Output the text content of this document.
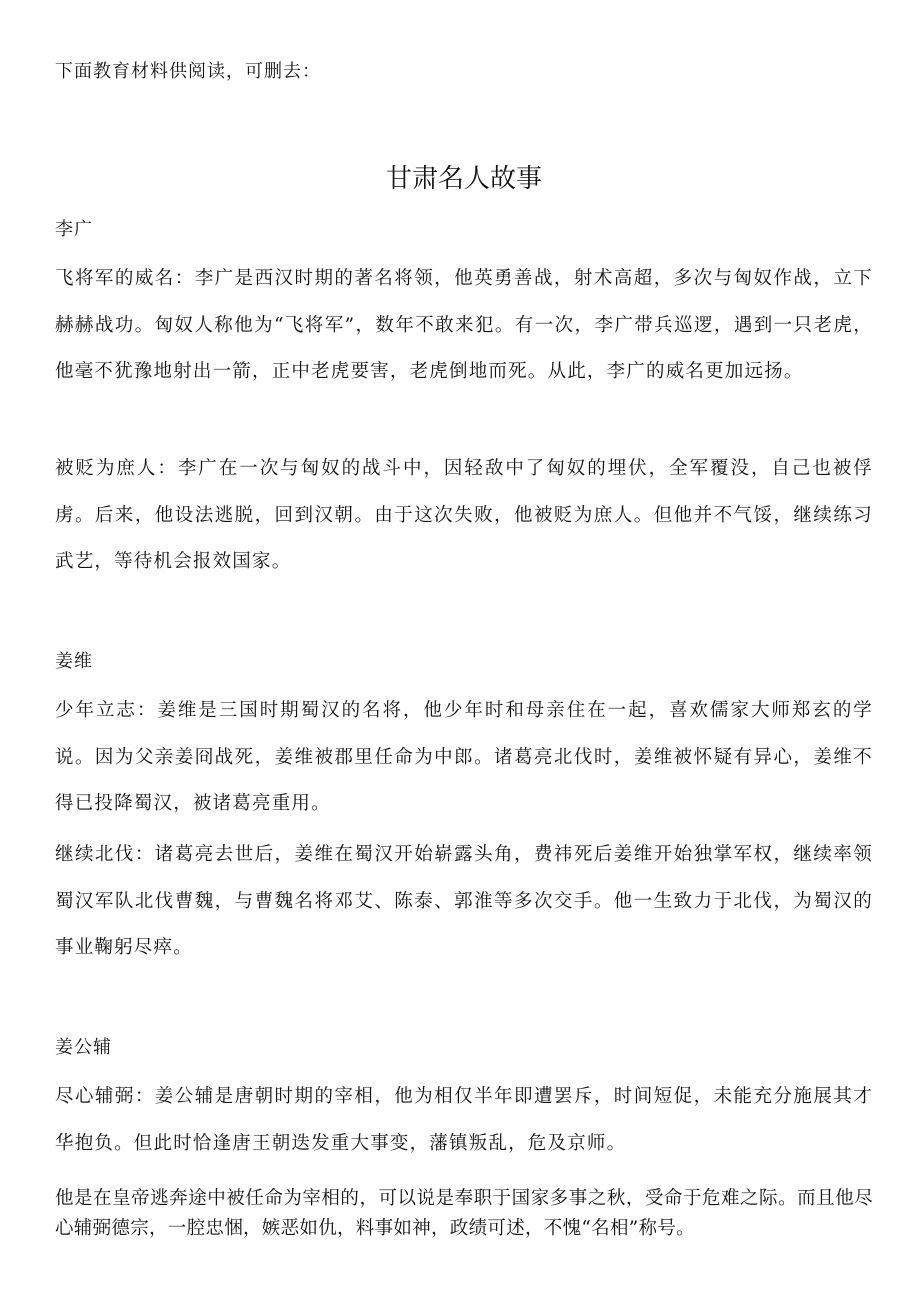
下面教育材料供阅读，可删去：
甘肃名人故事
李广
飞将军的威名：李广是西汉时期的著名将领，他英勇善战，射术高超，多次与匈奴作战，立下赫赫战功。匈奴人称他为“飞将军”，数年不敢来犯。有一次，李广带兵巡逻，遇到一只老虎，他毫不犹豫地射出一箭，正中老虎要害，老虎倒地而死。从此，李广的威名更加远扬。
被贬为庶人：李广在一次与匈奴的战斗中，因轻敌中了匈奴的埋伏，全军覆没，自己也被俘虏。后来，他设法逃脱，回到汉朝。由于这次失败，他被贬为庶人。但他并不气馁，继续练习武艺，等待机会报效国家。
姜维
少年立志：姜维是三国时期蜀汉的名将，他少年时和母亲住在一起，喜欢儒家大师郑玄的学说。因为父亲姜冏战死，姜维被郡里任命为中郎。诸葛亮北伐时，姜维被怀疑有异心，姜维不得已投降蜀汉，被诸葛亮重用。
继续北伐：诸葛亮去世后，姜维在蜀汉开始崭露头角，费祎死后姜维开始独掌军权，继续率领蜀汉军队北伐曹魏，与曹魏名将邓艾、陈泰、郭淮等多次交手。他一生致力于北伐，为蜀汉的事业鞠躬尽瘁。
姜公辅
尽心辅弼：姜公辅是唐朝时期的宰相，他为相仅半年即遭罢斥，时间短促，未能充分施展其才华抱负。但此时恰逢唐王朝迭发重大事变，藩镇叛乱，危及京师。
他是在皇帝逃奔途中被任命为宰相的，可以说是奉职于国家多事之秋，受命于危难之际。而且他尽心辅弼德宗，一腔忠悃，嫉恶如仇，料事如神，政绩可述，不愧“名相”称号。
